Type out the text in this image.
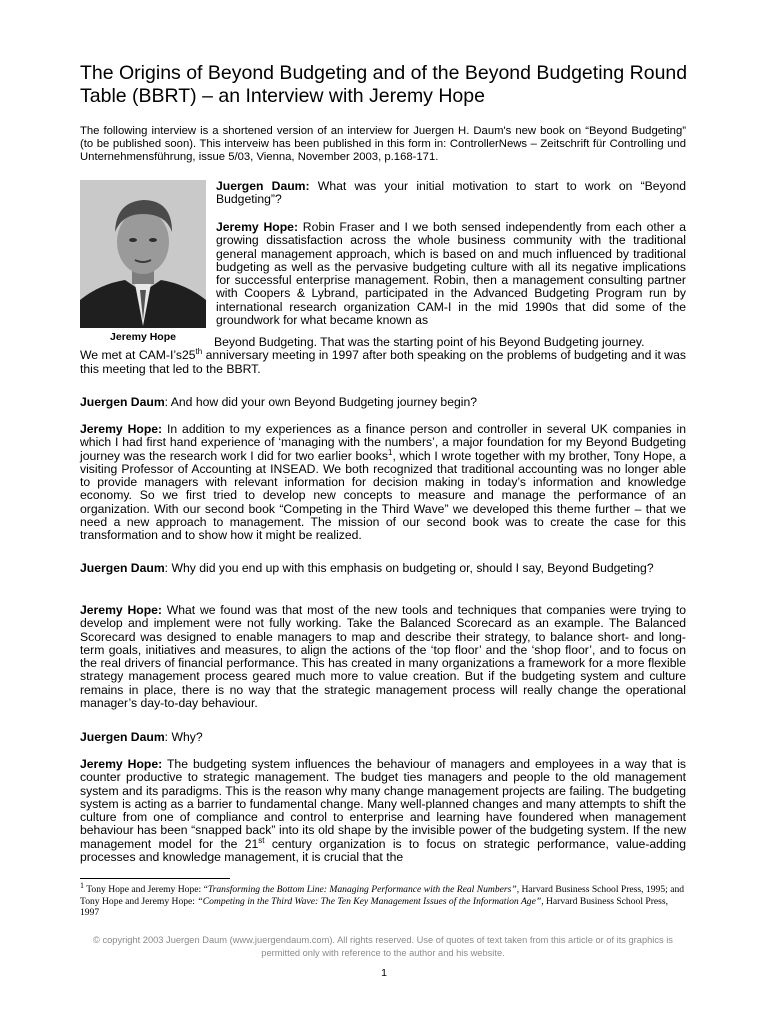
The Origins of Beyond Budgeting and of the Beyond Budgeting Round Table (BBRT) – an Interview with Jeremy Hope
The following interview is a shortened version of an interview for Juergen H. Daum's new book on “Beyond Budgeting” (to be published soon). This interveiw has been published in this form in: ControllerNews – Zeitschrift für Controlling und Unternehmensführung, issue 5/03, Vienna, November 2003, p.168-171.
Jeremy Hope
Juergen Daum: What was your initial motivation to start to work on “Beyond Budgeting”?
Jeremy Hope: Robin Fraser and I we both sensed independently from each other a growing dissatisfaction across the whole business community with the traditional general management approach, which is based on and much influenced by traditional budgeting as well as the pervasive budgeting culture with all its negative implications for successful enterprise management. Robin, then a management consulting partner with Coopers & Lybrand, participated in the Advanced Budgeting Program run by international research organization CAM-I in the mid 1990s that did some of the groundwork for what became known as
Beyond Budgeting. That was the starting point of his Beyond Budgeting journey.
We met at CAM-I’s25th anniversary meeting in 1997 after both speaking on the problems of budgeting and it was this meeting that led to the BBRT.
Juergen Daum: And how did your own Beyond Budgeting journey begin?
Jeremy Hope: In addition to my experiences as a finance person and controller in several UK companies in which I had first hand experience of ‘managing with the numbers’, a major foundation for my Beyond Budgeting journey was the research work I did for two earlier books$^1$, which I wrote together with my brother, Tony Hope, a visiting Professor of Accounting at INSEAD. We both recognized that traditional accounting was no longer able to provide managers with relevant information for decision making in today’s information and knowledge economy. So we first tried to develop new concepts to measure and manage the performance of an organization. With our second book “Competing in the Third Wave” we developed this theme further – that we need a new approach to management. The mission of our second book was to create the case for this transformation and to show how it might be realized.
Juergen Daum: Why did you end up with this emphasis on budgeting or, should I say, Beyond Budgeting?
Jeremy Hope: What we found was that most of the new tools and techniques that companies were trying to develop and implement were not fully working. Take the Balanced Scorecard as an example. The Balanced Scorecard was designed to enable managers to map and describe their strategy, to balance short- and long-term goals, initiatives and measures, to align the actions of the ‘top floor’ and the ‘shop floor’, and to focus on the real drivers of financial performance. This has created in many organizations a framework for a more flexible strategy management process geared much more to value creation. But if the budgeting system and culture remains in place, there is no way that the strategic management process will really change the operational manager’s day-to-day behaviour.
Juergen Daum: Why?
Jeremy Hope: The budgeting system influences the behaviour of managers and employees in a way that is counter productive to strategic management. The budget ties managers and people to the old management system and its paradigms. This is the reason why many change management projects are failing. The budgeting system is acting as a barrier to fundamental change. Many well-planned changes and many attempts to shift the culture from one of compliance and control to enterprise and learning have foundered when management behaviour has been “snapped back” into its old shape by the invisible power of the budgeting system. If the new management model for the 21st century organization is to focus on strategic performance, value-adding processes and knowledge management, it is crucial that the
$^1$ Tony Hope and Jeremy Hope: “Transforming the Bottom Line: Managing Performance with the Real Numbers”, Harvard Business School Press, 1995; and Tony Hope and Jeremy Hope: “Competing in the Third Wave: The Ten Key Management Issues of the Information Age”, Harvard Business School Press, 1997
© copyright 2003 Juergen Daum (www.juergendaum.com). All rights reserved. Use of quotes of text taken from this article or of its graphics is permitted only with reference to the author and his website.
1
